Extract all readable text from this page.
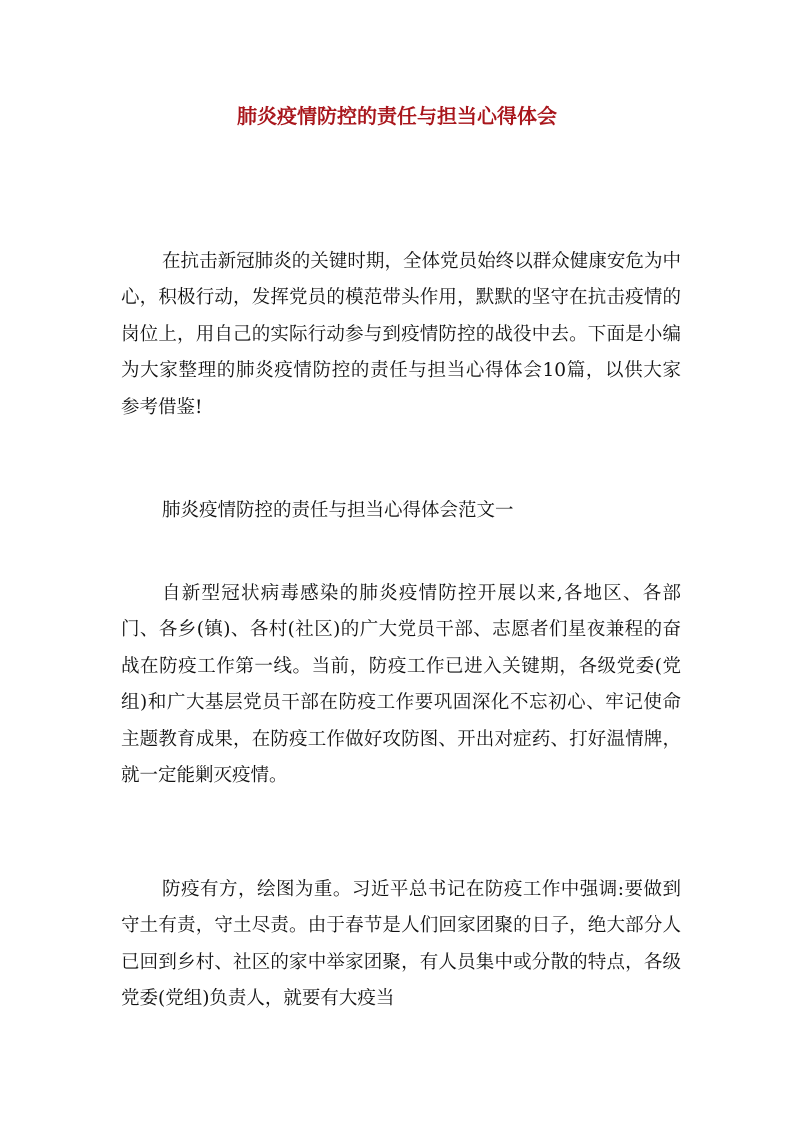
肺炎疫情防控的责任与担当心得体会

在抗击新冠肺炎的关键时期，全体党员始终以群众健康安危为中心，积极行动，发挥党员的模范带头作用，默默的坚守在抗击疫情的岗位上，用自己的实际行动参与到疫情防控的战役中去。下面是小编为大家整理的肺炎疫情防控的责任与担当心得体会10篇，以供大家参考借鉴!

肺炎疫情防控的责任与担当心得体会范文一

自新型冠状病毒感染的肺炎疫情防控开展以来,各地区、各部门、各乡(镇)、各村(社区)的广大党员干部、志愿者们星夜兼程的奋战在防疫工作第一线。当前，防疫工作已进入关键期，各级党委(党组)和广大基层党员干部在防疫工作要巩固深化不忘初心、牢记使命主题教育成果，在防疫工作做好攻防图、开出对症药、打好温情牌，就一定能剿灭疫情。

防疫有方，绘图为重。习近平总书记在防疫工作中强调:要做到守土有责，守土尽责。由于春节是人们回家团聚的日子，绝大部分人已回到乡村、社区的家中举家团聚，有人员集中或分散的特点，各级党委(党组)负责人，就要有大疫当
